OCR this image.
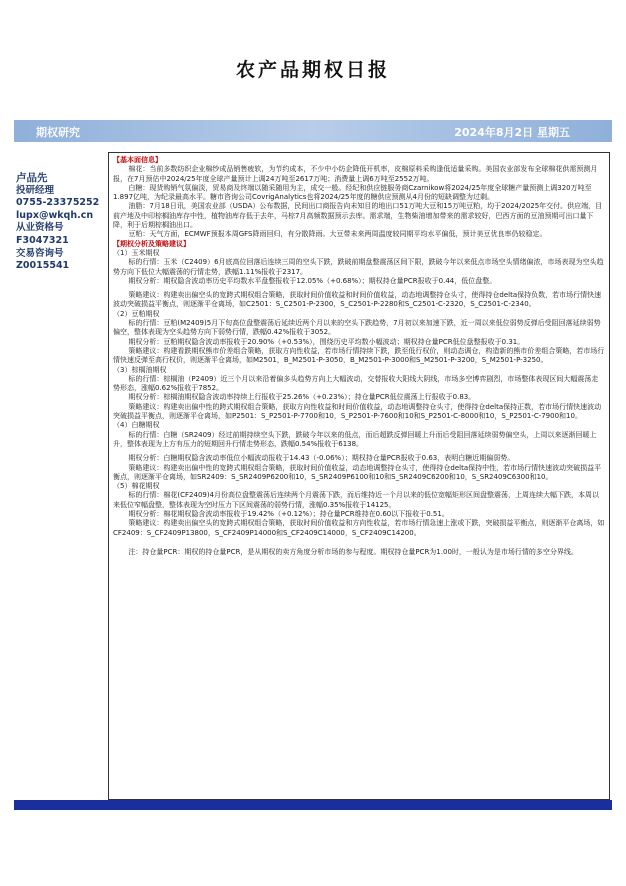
农产品期权日报
期权研究	2024年8月2日 星期五
卢品先
投研经理
0755-23375252
lupx@wkqh.cn
从业资格号
F3047321
交易咨询号
Z0015541

【基本面信息】

棉花：当前多数纺织企业棉纱成品销售疲软，为节约成本，不少中小纺企降低开机率，皮棉原料采购逢低适量采购。美国农业部发布全球棉花供需预测月报，在7月预估中2024/25年度全球产量预计上调24万吨至2617万吨；消费量上调6万吨至2552万吨。

白糖：现货购销气氛偏淡，贸易商及终端以随采随用为主，成交一般。经纪和供应链服务商Czarnikow将2024/25年度全球糖产量预测上调320万吨至1.897亿吨，为纪录最高水平。糖市咨询公司CovrigAnalytics也将2024/25年度的糖供应预测从4月份的短缺调整为过剩。

油脂：7月18日讯，美国农业部（USDA）公布数据，民间出口商报告向未知目的地出口51万吨大豆和15万吨豆粕，均于2024/2025年交付。供应端，目前产地及中印棕榈油库存中性，植物油库存低于去年，马棕7月高频数据预示去库。需求端，生物柴油增加带来的需求较好，巴西方面的豆油预期可出口量下降，利于后期棕榈油出口。

豆粕：天气方面，ECMWF预报本周GFS降雨回归，有分散降雨。大豆带未来两周温度较同期平均水平偏低，预计美豆优良率仍较稳定。

【期权分析及策略建议】

（1）玉米期权

标的行情：玉米（C2409）6月底高位回落后连续三周的空头下跌，跌破前期盘整震荡区间下限，跌破今年以来低点市场空头情绪偏浓，市场表现为空头趋势方向下低位大幅震荡的行情走势，跌幅1.11%报收于2317。

期权分析：期权隐含波动率历史平均数水平盘整报收于12.05%（+0.68%）；期权持仓量PCR报收于0.44，低位盘整。

策略建议：构建卖出偏空头的宽跨式期权组合策略，获取时间价值收益和时间价值收益，动态地调整持仓头寸，使得持仓delta保持负数，若市场行情快速波动突破损益平衡点，则逐渐平仓离场，如C2501：S_C2501-P-2300，S_C2501-P-2280和S_C2501-C-2320，S_C2501-C-2340。

（2）豆粕期权

标的行情：豆粕(M2409)5月下旬高位盘整震荡后延续近两个月以来的空头下跌趋势，7月初以来加速下跌，近一周以来低位弱势反弹后受阻回落延续弱势偏空，整体表现为空头趋势方向下弱势行情，跌幅0.42%报收于3052。

期权分析：豆粕期权隐含波动率报收于20.90%（+0.53%），围绕历史平均数小幅波动；期权持仓量PCR低位盘整报收于0.31。

策略建议：构建看跌期权熊市价差组合策略，获取方向性收益，若市场行情持续下跌，跌至低行权价，则动态调仓，构造新的熊市价差组合策略，若市场行情快速反弹至高行权价，则逐渐平仓离场，如M2501，B_M2501-P-3050，B_M2501-P-3000和S_M2501-P-3200，S_M2501-P-3250。

（3）棕榈油期权

标的行情：棕榈油（P2409）近三个月以来沿着偏多头趋势方向上大幅波动，交替报收大阳线大阴线，市场多空博弈剧烈，市场整体表现区间大幅震荡走势形态，涨幅0.62%报收于7852。

期权分析：棕榈油期权隐含波动率持续上行报收于25.26%（+0.23%）；持仓量PCR低位震荡上行报收于0.83。

策略建议：构建卖出偏中性的跨式期权组合策略，获取方向性收益和时间价值收益，动态地调整持仓头寸，使得持仓delta保持正数，若市场行情快速波动突破损益平衡点，则逐渐平仓离场，如P2501：S_P2501-P-7700和10，S_P2501-P-7600和10和S_P2501-C-8000和10，S_P2501-C-7900和10。

（4）白糖期权

标的行情：白糖（SR2409）经过前期持续空头下跌，跌破今年以来的低点，而后超跌反弹回暖上升而后受阻回落延续弱势偏空头，上周以来逐渐回暖上升，整体表现为上方有压力的短期回升行情走势形态，跌幅0.54%报收于6138。

期权分析：白糖期权隐含波动率低位小幅波动报收于14.43（-0.06%）；期权持仓量PCR报收于0.63，表明白糖近期偏弱势。

策略建议：构建卖出偏中性的宽跨式期权组合策略，获取时间价值收益，动态地调整持仓头寸，使得持仓delta保持中性，若市场行情快速波动突破损益平衡点，则逐渐平仓离场，如SR2409：S_SR2409P6200和10，S_SR2409P6100和10和S_SR2409C6200和10，S_SR2409C6300和10。

（5）棉花期权

标的行情：棉花(CF2409)4月份高位盘整震荡后连续两个月震荡下跌，而后维持近一个月以来的低位宽幅矩形区间盘整震荡，上周连续大幅下跌，本周以来低位窄幅盘整，整体表现为空时压力下区间震荡的弱势行情，涨幅0.35%报收于14125。

期权分析：棉花期权隐含波动率报收于19.42%（+0.12%）；持仓量PCR维持在0.60以下报收于0.51。

策略建议：构建卖出偏空头的宽跨式期权组合策略，获取时间价值收益和方向性收益，若市场行情急速上涨或下跌，突破损益平衡点，则逐渐平仓离场，如CF2409：S_CF2409P13800，S_CF2409P14000和S_CF2409C14000，S_CF2409C14200。

注：持仓量PCR：期权的持仓量PCR，是从期权的卖方角度分析市场的参与程度。期权持仓量PCR为1.00时，一般认为是市场行情的多空分界线。
